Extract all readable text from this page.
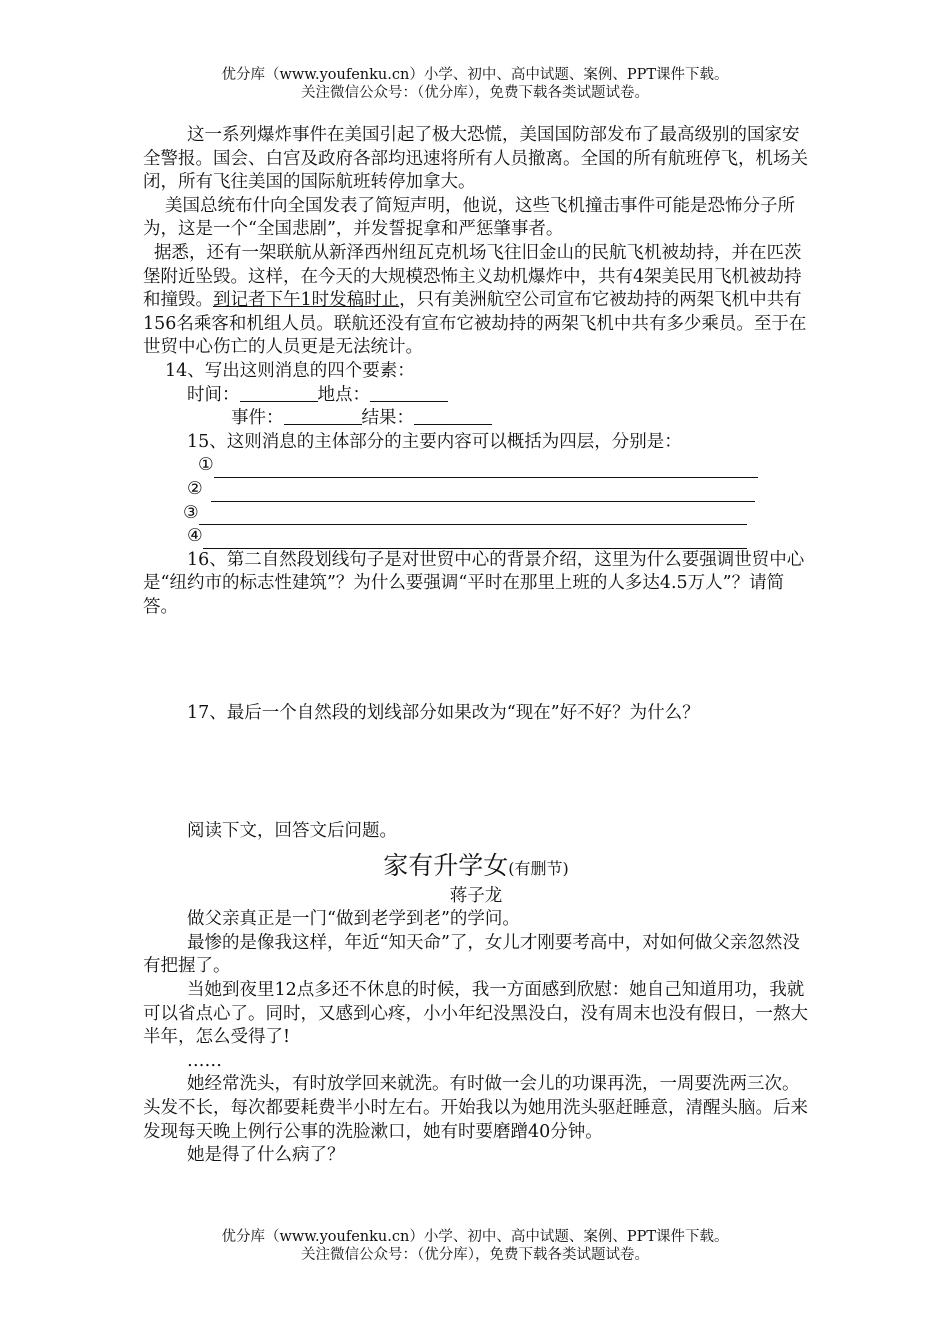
优分库（www.youfenku.cn）小学、初中、高中试题、案例、PPT课件下载。
关注微信公众号：（优分库），免费下载各类试题试卷。

这一系列爆炸事件在美国引起了极大恐慌，美国国防部发布了最高级别的国家安全警报。国会、白宫及政府各部均迅速将所有人员撤离。全国的所有航班停飞，机场关闭，所有飞往美国的国际航班转停加拿大。

美国总统布什向全国发表了简短声明，他说，这些飞机撞击事件可能是恐怖分子所为，这是一个“全国悲剧”，并发誓捉拿和严惩肇事者。

据悉，还有一架联航从新泽西州纽瓦克机场飞往旧金山的民航飞机被劫持，并在匹茨堡附近坠毁。这样，在今天的大规模恐怖主义劫机爆炸中，共有4架美民用飞机被劫持和撞毁。到记者下午1时发稿时止，只有美洲航空公司宣布它被劫持的两架飞机中共有156名乘客和机组人员。联航还没有宣布它被劫持的两架飞机中共有多少乘员。至于在世贸中心伤亡的人员更是无法统计。

14、写出这则消息的四个要素：

时间：	地点：

事件：	结果：

15、这则消息的主体部分的主要内容可以概括为四层，分别是：

①
②
③
④

16、第二自然段划线句子是对世贸中心的背景介绍，这里为什么要强调世贸中心是“纽约市的标志性建筑”？为什么要强调“平时在那里上班的人多达4.5万人”？请简答。

17、最后一个自然段的划线部分如果改为“现在”好不好？为什么？

阅读下文，回答文后问题。

家有升学女(有删节)

蒋子龙

做父亲真正是一门“做到老学到老”的学问。

最惨的是像我这样，年近“知天命”了，女儿才刚要考高中，对如何做父亲忽然没有把握了。

当她到夜里12点多还不休息的时候，我一方面感到欣慰：她自己知道用功，我就可以省点心了。同时，又感到心疼，小小年纪没黑没白，没有周末也没有假日，一熬大半年，怎么受得了!

……

她经常洗头，有时放学回来就洗。有时做一会儿的功课再洗，一周要洗两三次。头发不长，每次都要耗费半小时左右。开始我以为她用洗头驱赶睡意，清醒头脑。后来发现每天晚上例行公事的洗脸漱口，她有时要磨蹭40分钟。

她是得了什么病了？

优分库（www.youfenku.cn）小学、初中、高中试题、案例、PPT课件下载。
关注微信公众号：（优分库），免费下载各类试题试卷。
